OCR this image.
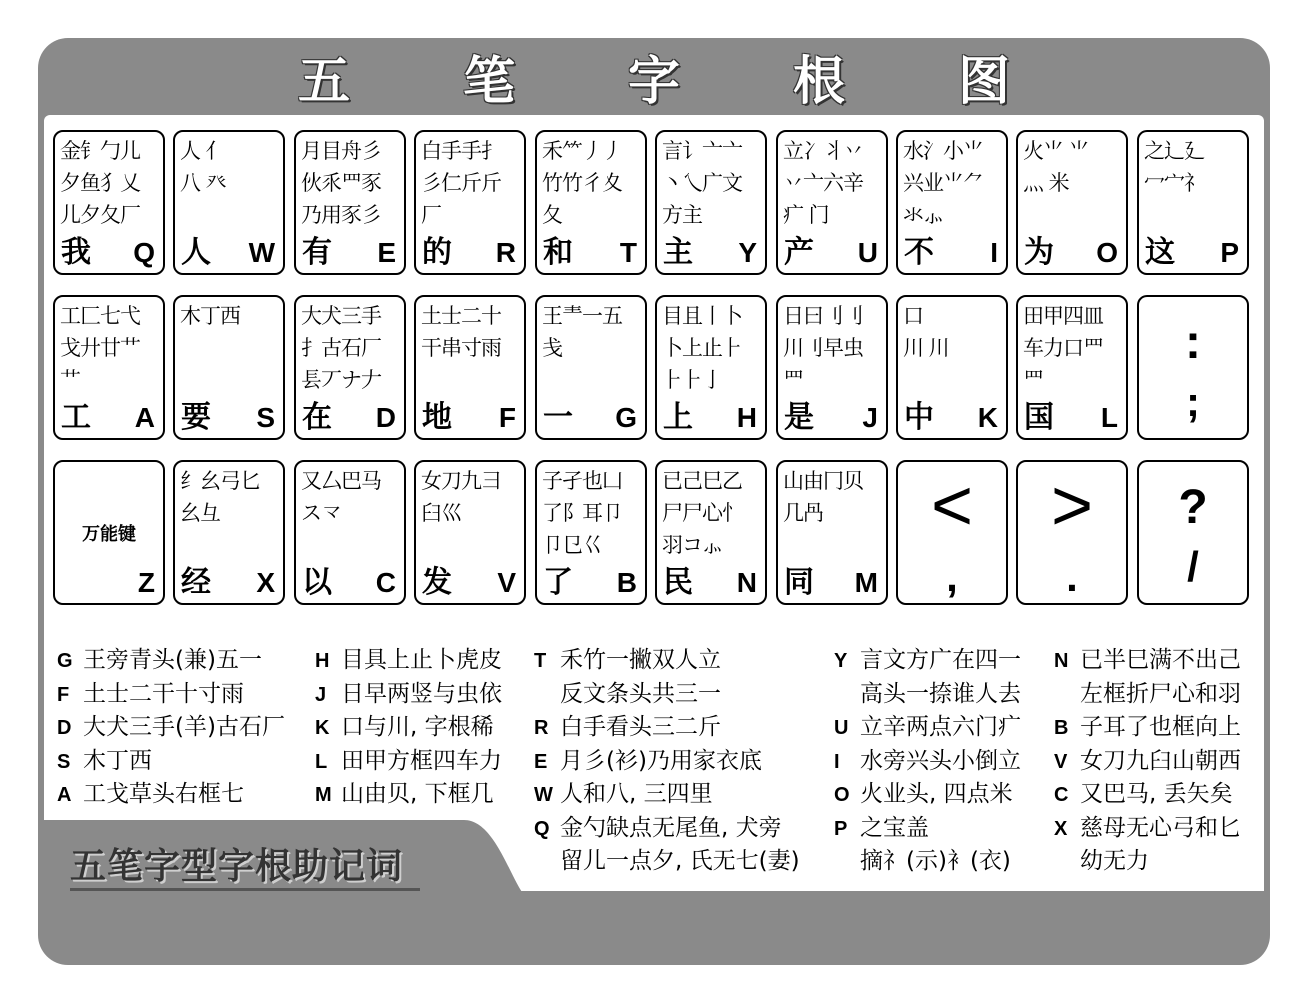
五	笔	字	根	图
金钅勹儿
夕鱼犭乂
儿夕夂厂
我 Q
人 亻
八 癶
人 W
月目舟彡
伙乑罒豕
乃用豕彡
有 E
白手手扌
彡仁斤斤
厂
的 R
禾⺮丿丿
竹竹彳夊
夂
和 T
言讠亠亠
丶乀广文
方主
主 Y
立冫丬丷
丷亠六辛
疒 门
产 U
水氵小⺌
兴业⺌⺈
氺⺗
不 I
火⺌ ⺌
灬 米
为 O
之辶廴
冖宀礻
这 P
工匚七弋
戈廾廿艹
艹
工 A
木丁西
要 S
大犬三手
扌古石厂
镸丆ナ𠂇
在 D
土士二十
干串寸雨
地 F
王龶一五
戋
一 G
目且丨卜
卜上止⺊
⺊⺊亅
上 H
日曰刂刂
川刂早虫
罒
是 J
口
川 川
中 K
田甲四皿
车力口罒
罒
国 L
:
;
Z
万能键
纟幺弓匕
幺彑
经 X
又厶巴马
ス龴
以 C
女刀九彐
臼巛
发 V
子孑也凵
了阝耳卩
卩㔾巜
了 B
已己巳乙
尸尸心忄
羽コ⺗
民 N
山由冂贝
几冎
同 M
<
,
>
.
?
/
G 王旁青头(兼)五一
F 土士二干十寸雨
D 大犬三手(羊)古石厂
S 木丁西
A 工戈草头右框七
H 目具上止卜虎皮
J 日早两竖与虫依
K 口与川, 字根稀
L 田甲方框四车力
M 山由贝, 下框几
T 禾竹一撇双人立
反文条头共三一
R 白手看头三二斤
E 月彡(衫)乃用家衣底
W 人和八, 三四里
Q 金勺缺点无尾鱼, 犬旁
留儿一点夕, 氏无七(妻)
Y 言文方广在四一
高头一捺谁人去
U 立辛两点六门疒
I 水旁兴头小倒立
O 火业头, 四点米
P 之宝盖
摘礻(示)衤(衣)
N 已半巳满不出己
左框折尸心和羽
B 子耳了也框向上
V 女刀九臼山朝西
C 又巴马, 丢矢矣
X 慈母无心弓和匕
幼无力
五笔字型字根助记词
